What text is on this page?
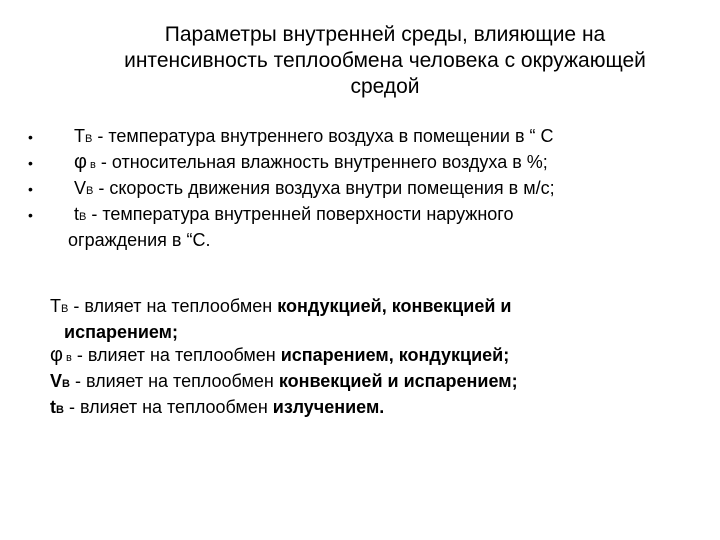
Параметры внутренней среды, влияющие на
интенсивность теплообмена человека с окружающей
средой
•	ТВ - температура внутреннего воздуха в помещении в “ С
•	φ в - относительная влажность внутреннего воздуха в %;
•	VВ - скорость движения воздуха внутри помещения в м/с;
•	tВ - температура внутренней поверхности наружного
ограждения в “С.
ТВ - влияет на теплообмен кондукцией, конвекцией и
испарением;
φ в - влияет на теплообмен испарением, кондукцией;
VВ - влияет на теплообмен конвекцией и испарением;
tВ - влияет на теплообмен излучением.
